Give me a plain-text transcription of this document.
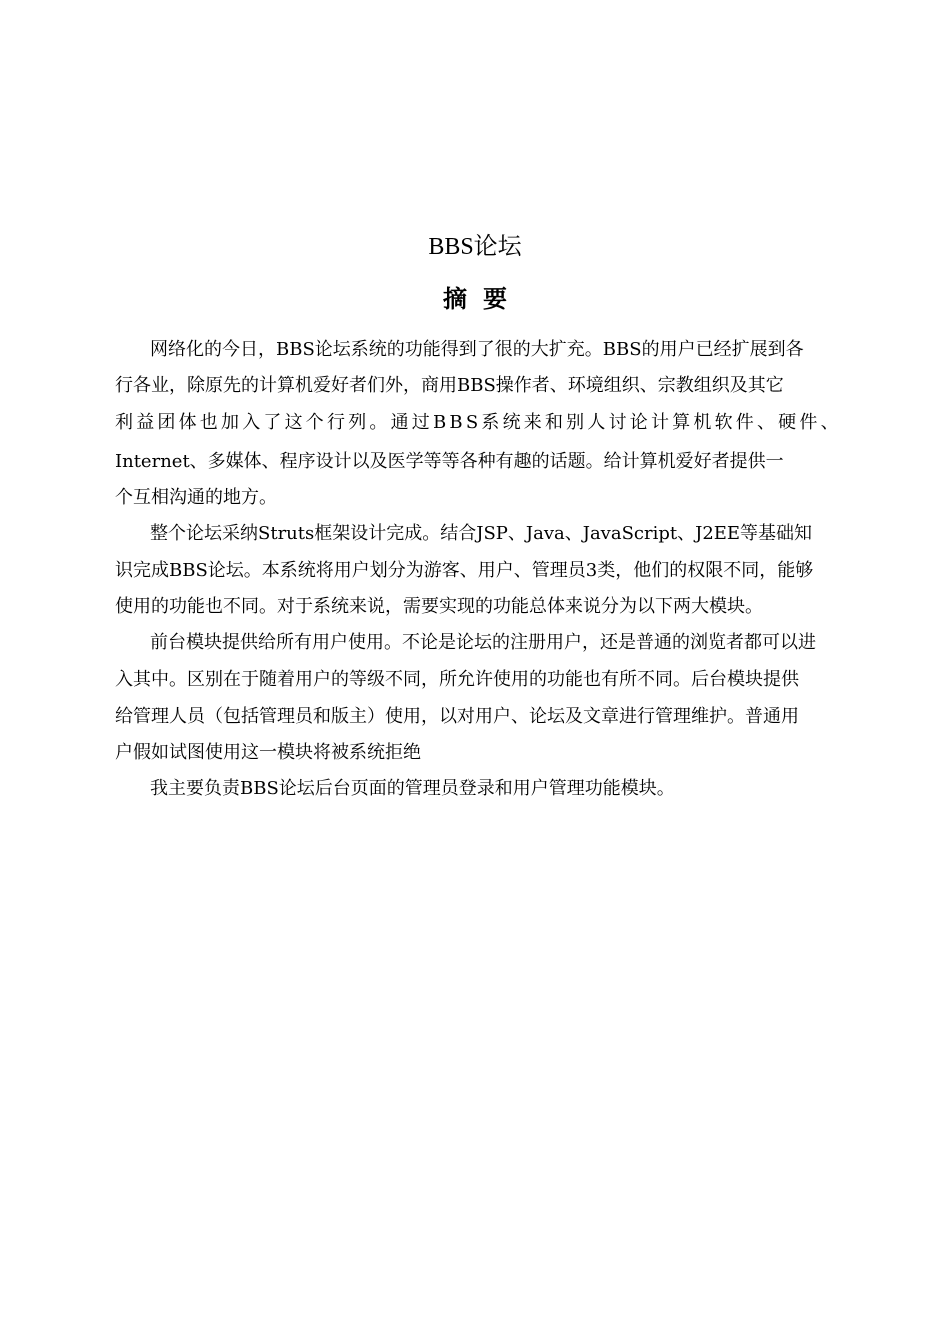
BBS论坛
摘要
网络化的今日，BBS论坛系统的功能得到了很的大扩充。BBS的用户已经扩展到各
行各业，除原先的计算机爱好者们外，商用BBS操作者、环境组织、宗教组织及其它
利益团体也加入了这个行列。通过BBS系统来和别人讨论计算机软件、硬件、
Internet、多媒体、程序设计以及医学等等各种有趣的话题。给计算机爱好者提供一
个互相沟通的地方。
整个论坛采纳Struts框架设计完成。结合JSP、Java、JavaScript、J2EE等基础知
识完成BBS论坛。本系统将用户划分为游客、用户、管理员3类，他们的权限不同，能够
使用的功能也不同。对于系统来说，需要实现的功能总体来说分为以下两大模块。
前台模块提供给所有用户使用。不论是论坛的注册用户，还是普通的浏览者都可以进
入其中。区别在于随着用户的等级不同，所允许使用的功能也有所不同。后台模块提供
给管理人员（包括管理员和版主）使用，以对用户、论坛及文章进行管理维护。普通用
户假如试图使用这一模块将被系统拒绝
我主要负责BBS论坛后台页面的管理员登录和用户管理功能模块。
